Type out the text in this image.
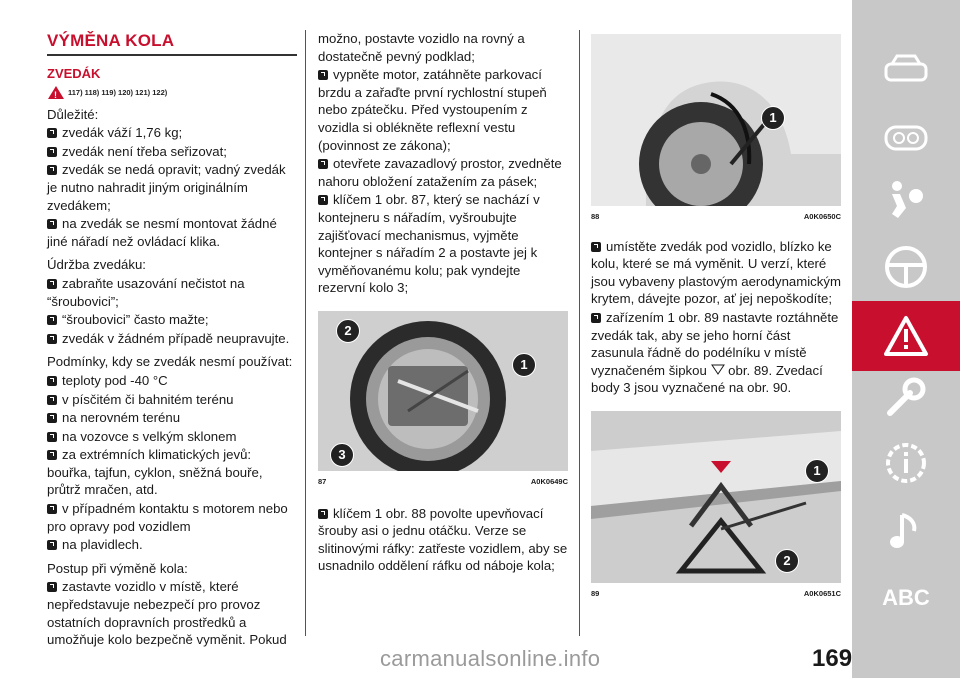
VÝMĚNA KOLA
ZVEDÁK
!
117) 118) 119) 120) 121) 122)

Důležité:

zvedák váží 1,76 kg;

zvedák není třeba seřizovat;

zvedák se nedá opravit; vadný zvedák je nutno nahradit jiným originálním zvedákem;

na zvedák se nesmí montovat žádné jiné nářadí než ovládací klika.

Údržba zvedáku:

zabraňte usazování nečistot na “šroubovici”;

“šroubovici” často mažte;

zvedák v žádném případě neupravujte.

Podmínky, kdy se zvedák nesmí používat:

teploty pod -40 °C

v písčitém či bahnitém terénu

na nerovném terénu

na vozovce s velkým sklonem

za extrémních klimatických jevů: bouřka, tajfun, cyklon, sněžná bouře, průtrž mračen, atd.

v případném kontaktu s motorem nebo pro opravy pod vozidlem

na plavidlech.

Postup při výměně kola:

zastavte vozidlo v místě, které nepředstavuje nebezpečí pro provoz ostatních dopravních prostředků a umožňuje kolo bezpečně vyměnit. Pokud

možno, postavte vozidlo na rovný a dostatečně pevný podklad;

vypněte motor, zatáhněte parkovací brzdu a zařaďte první rychlostní stupeň nebo zpátečku. Před vystoupením z vozidla si oblékněte reflexní vestu (povinnost ze zákona);

otevřete zavazadlový prostor, zvedněte nahoru obložení zatažením za pásek;

klíčem 1 obr. 87, který se nachází v kontejneru s nářadím, vyšroubujte zajišťovací mechanismus, vyjměte kontejner s nářadím 2 a postavte jej k vyměňovanému kolu; pak vyndejte rezervní kolo 3;

2
1
3
87	A0K0649C

klíčem 1 obr. 88 povolte upevňovací šrouby asi o jednu otáčku. Verze se slitinovými ráfky: zatřeste vozidlem, aby se usnadnilo oddělení ráfku od náboje kola;

1
88	A0K0650C

umístěte zvedák pod vozidlo, blízko ke kolu, které se má vyměnit. U verzí, které jsou vybaveny plastovým aerodynamickým krytem, dávejte pozor, ať jej nepoškodíte;

zařízením 1 obr. 89 nastavte roztáhněte zvedák tak, aby se jeho horní část zasunula řádně do podélníku v místě vyznačeném šipkou obr. 89. Zvedací body 3 jsou vyznačené na obr. 90.

1
2
89	A0K0651C ABC
169
carmanualsonline.info
